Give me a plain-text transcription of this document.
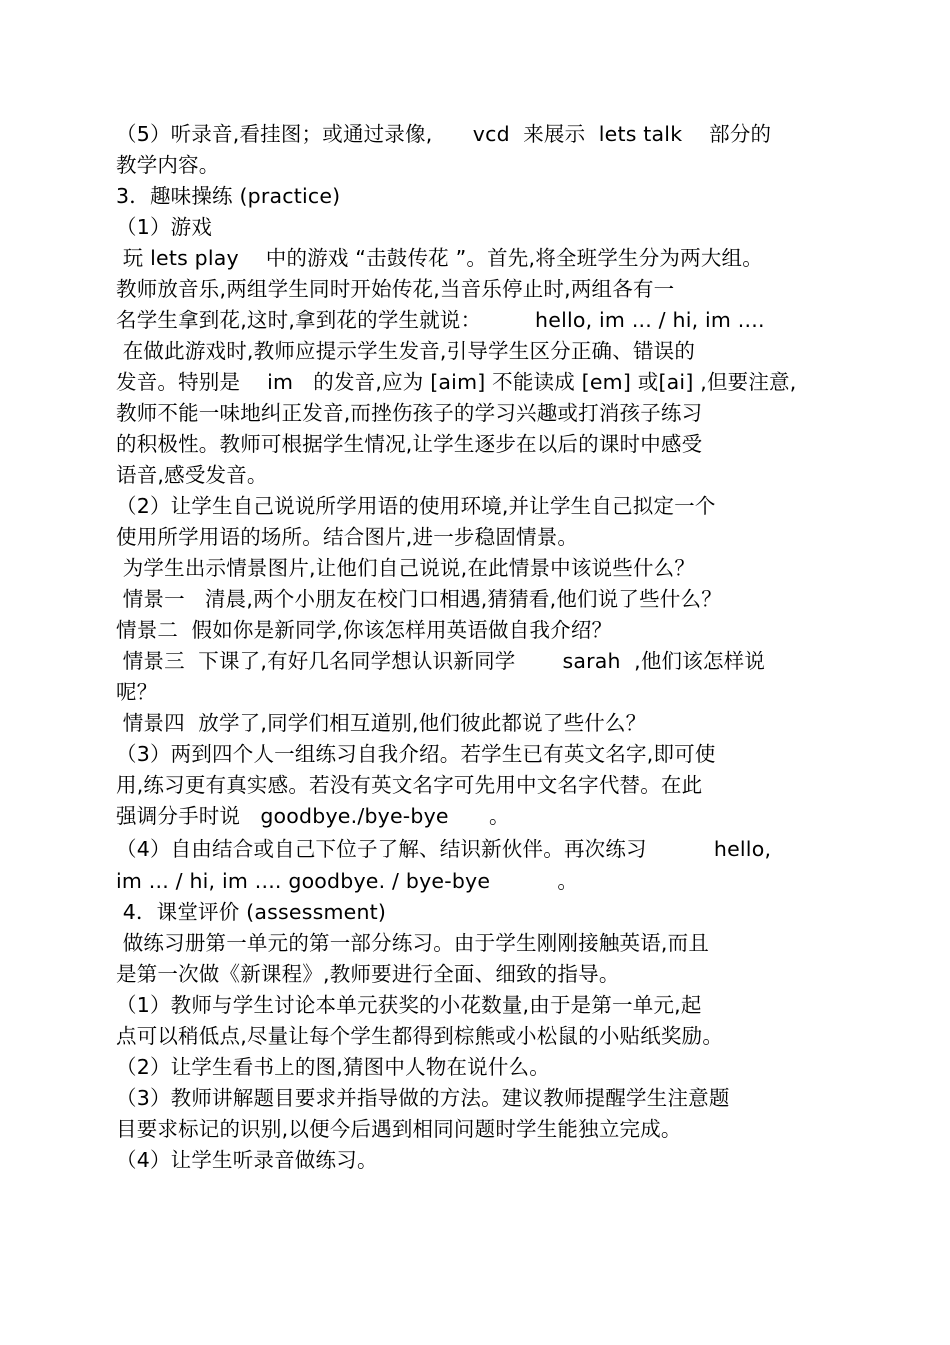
（5）听录音,看挂图；或通过录像,      vcd  来展示  lets talk    部分的
教学内容。
3．趣味操练 (practice)
（1）游戏
玩 lets play    中的游戏 “击鼓传花 ”。首先,将全班学生分为两大组。
教师放音乐,两组学生同时开始传花,当音乐停止时,两组各有一
名学生拿到花,这时,拿到花的学生就说：        hello, im ... / hi, im ....
在做此游戏时,教师应提示学生发音,引导学生区分正确、错误的
发音。特别是    im   的发音,应为 [aim] 不能读成 [em] 或[ai] ,但要注意,
教师不能一味地纠正发音,而挫伤孩子的学习兴趣或打消孩子练习
的积极性。教师可根据学生情况,让学生逐步在以后的课时中感受
语音,感受发音。
（2）让学生自己说说所学用语的使用环境,并让学生自己拟定一个
使用所学用语的场所。结合图片,进一步稳固情景。
为学生出示情景图片,让他们自己说说,在此情景中该说些什么？
情景一   清晨,两个小朋友在校门口相遇,猜猜看,他们说了些什么？
情景二  假如你是新同学,你该怎样用英语做自我介绍？
情景三  下课了,有好几名同学想认识新同学       sarah  ,他们该怎样说
呢？
情景四  放学了,同学们相互道别,他们彼此都说了些什么？
（3）两到四个人一组练习自我介绍。若学生已有英文名字,即可使
用,练习更有真实感。若没有英文名字可先用中文名字代替。在此
强调分手时说   goodbye./bye-bye      。
（4）自由结合或自己下位子了解、结识新伙伴。再次练习          hello,
im ... / hi, im .... goodbye. / bye-bye          。
4．课堂评价 (assessment)
做练习册第一单元的第一部分练习。由于学生刚刚接触英语,而且
是第一次做《新课程》,教师要进行全面、细致的指导。
（1）教师与学生讨论本单元获奖的小花数量,由于是第一单元,起
点可以稍低点,尽量让每个学生都得到棕熊或小松鼠的小贴纸奖励。
（2）让学生看书上的图,猜图中人物在说什么。
（3）教师讲解题目要求并指导做的方法。建议教师提醒学生注意题
目要求标记的识别,以便今后遇到相同问题时学生能独立完成。
（4）让学生听录音做练习。
